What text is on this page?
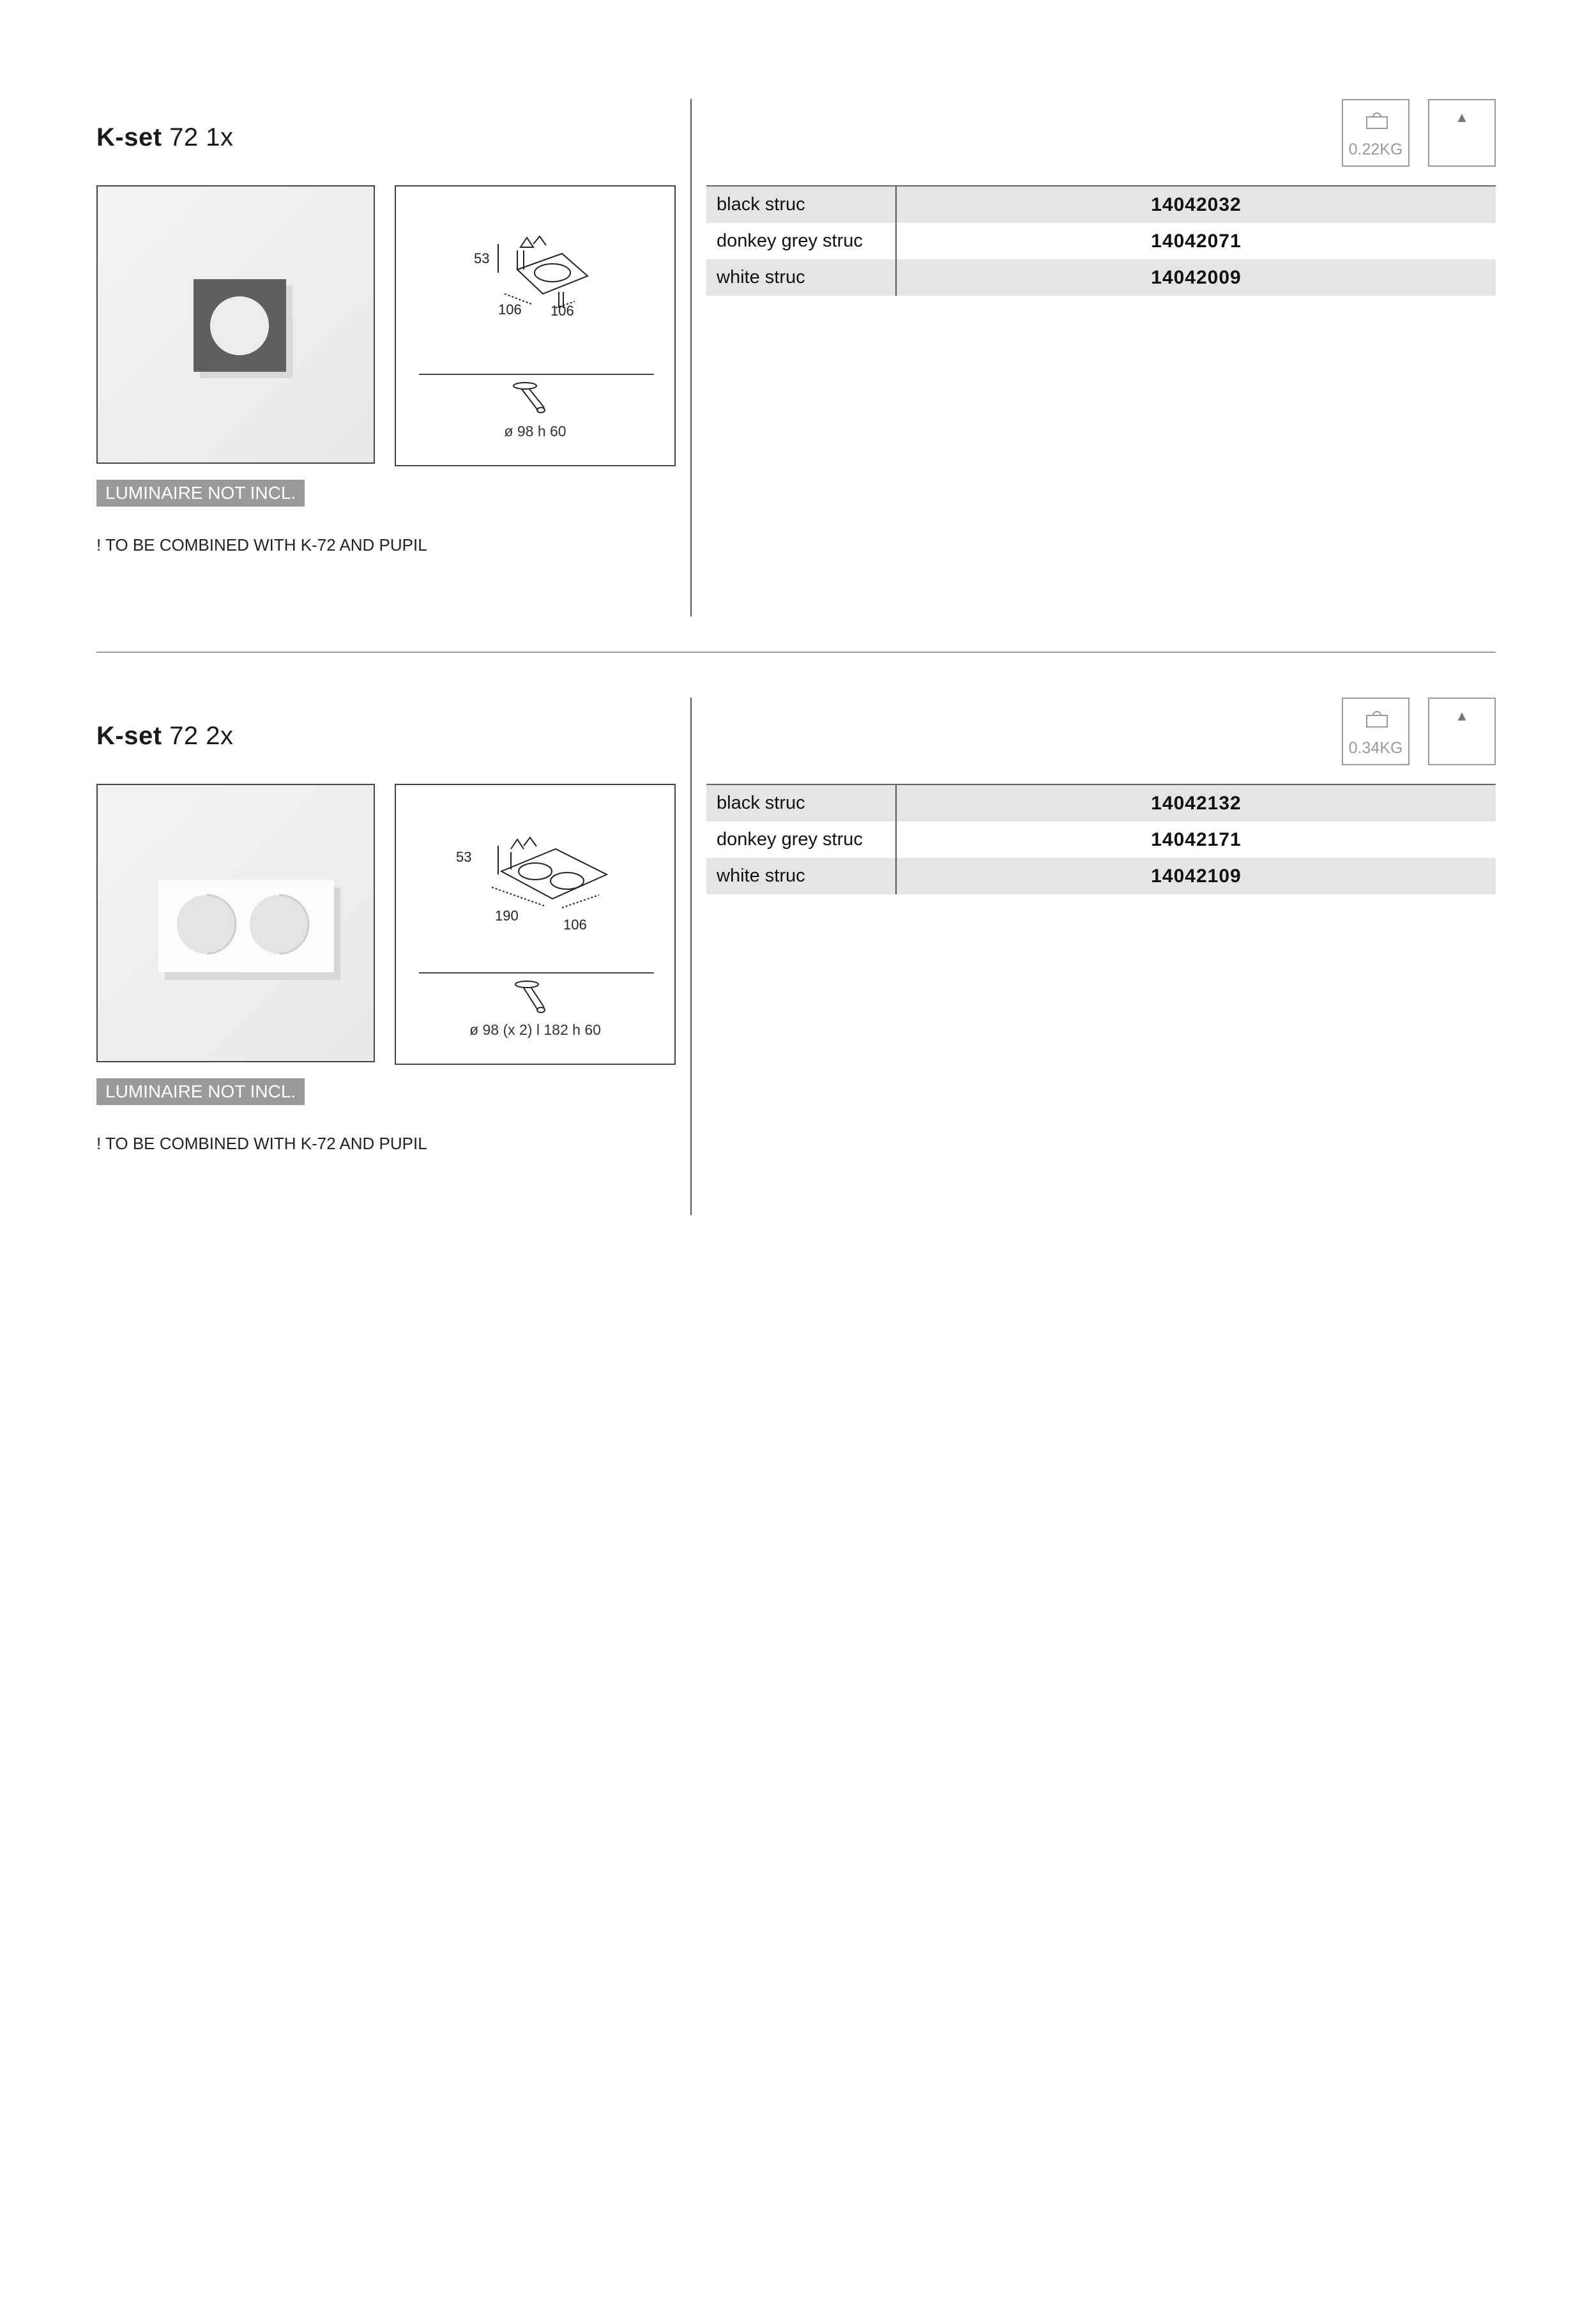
K-set 72 1x
53
106 106
ø 98 h 60
LUMINAIRE NOT INCL.
! TO BE COMBINED WITH K-72 AND PUPIL
0.22KG
▲
black struc	14042032
donkey grey struc	14042071
white struc	14042009
K-set 72 2x
53
190
106
ø 98 (x 2) l 182 h 60
LUMINAIRE NOT INCL.
! TO BE COMBINED WITH K-72 AND PUPIL
0.34KG
▲
black struc	14042132
donkey grey struc	14042171
white struc	14042109
